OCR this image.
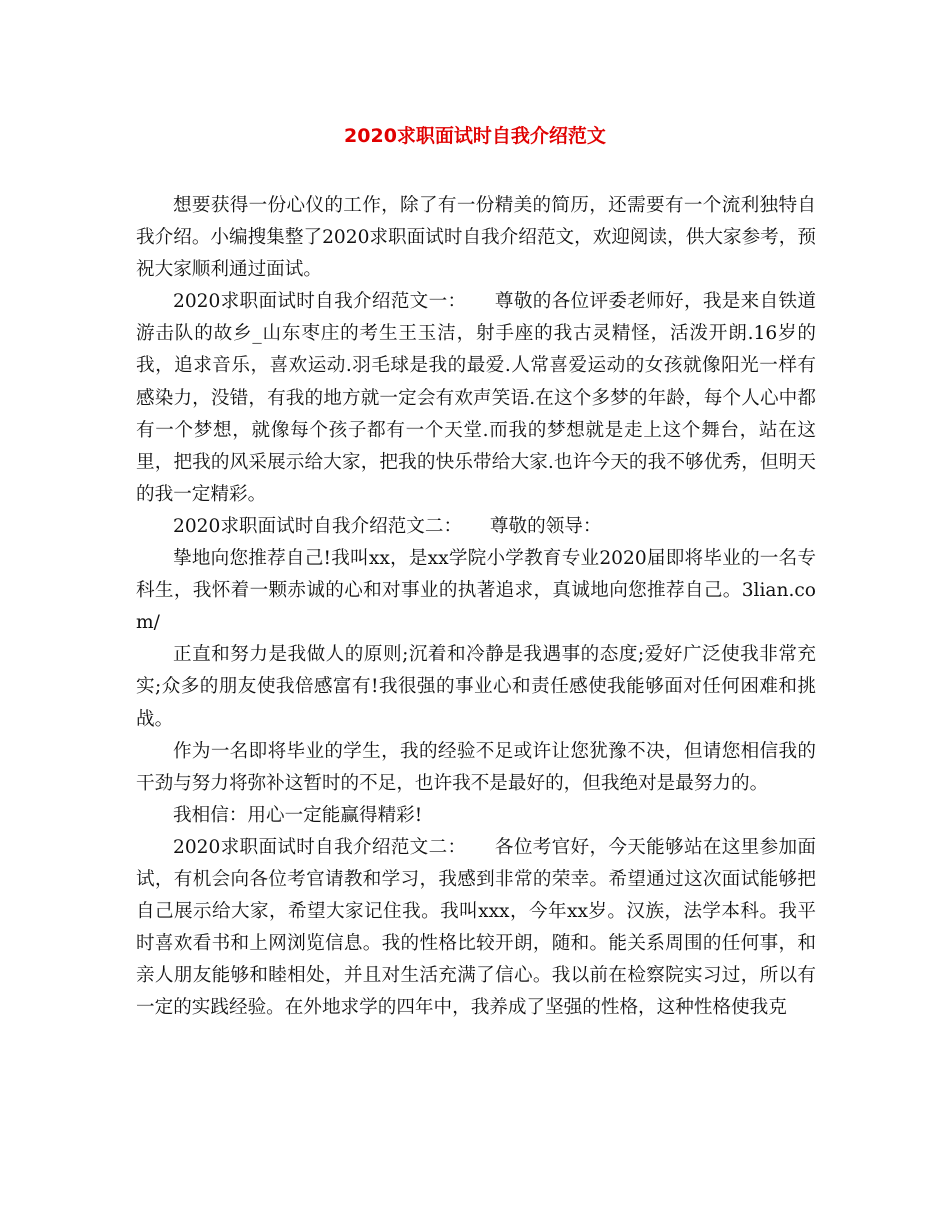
2020求职面试时自我介绍范文

想要获得一份心仪的工作，除了有一份精美的简历，还需要有一个流利独特自我介绍。小编搜集整了2020求职面试时自我介绍范文，欢迎阅读，供大家参考，预祝大家顺利通过面试。

2020求职面试时自我介绍范文一：　　尊敬的各位评委老师好，我是来自铁道游击队的故乡_山东枣庄的考生王玉洁，射手座的我古灵精怪，活泼开朗.16岁的我，追求音乐，喜欢运动.羽毛球是我的最爱.人常喜爱运动的女孩就像阳光一样有感染力，没错，有我的地方就一定会有欢声笑语.在这个多梦的年龄，每个人心中都有一个梦想，就像每个孩子都有一个天堂.而我的梦想就是走上这个舞台，站在这里，把我的风采展示给大家，把我的快乐带给大家.也许今天的我不够优秀，但明天的我一定精彩。

2020求职面试时自我介绍范文二：　　尊敬的领导：

挚地向您推荐自己!我叫xx，是xx学院小学教育专业2020届即将毕业的一名专科生，我怀着一颗赤诚的心和对事业的执著追求，真诚地向您推荐自己。3lian.com/

正直和努力是我做人的原则;沉着和冷静是我遇事的态度;爱好广泛使我非常充实;众多的朋友使我倍感富有!我很强的事业心和责任感使我能够面对任何困难和挑战。

作为一名即将毕业的学生，我的经验不足或许让您犹豫不决，但请您相信我的干劲与努力将弥补这暂时的不足，也许我不是最好的，但我绝对是最努力的。

我相信：用心一定能赢得精彩!

2020求职面试时自我介绍范文二：　　各位考官好，今天能够站在这里参加面试，有机会向各位考官请教和学习，我感到非常的荣幸。希望通过这次面试能够把自己展示给大家，希望大家记住我。我叫xxx，今年xx岁。汉族，法学本科。我平时喜欢看书和上网浏览信息。我的性格比较开朗，随和。能关系周围的任何事，和亲人朋友能够和睦相处，并且对生活充满了信心。我以前在检察院实习过，所以有一定的实践经验。在外地求学的四年中，我养成了坚强的性格，这种性格使我克
